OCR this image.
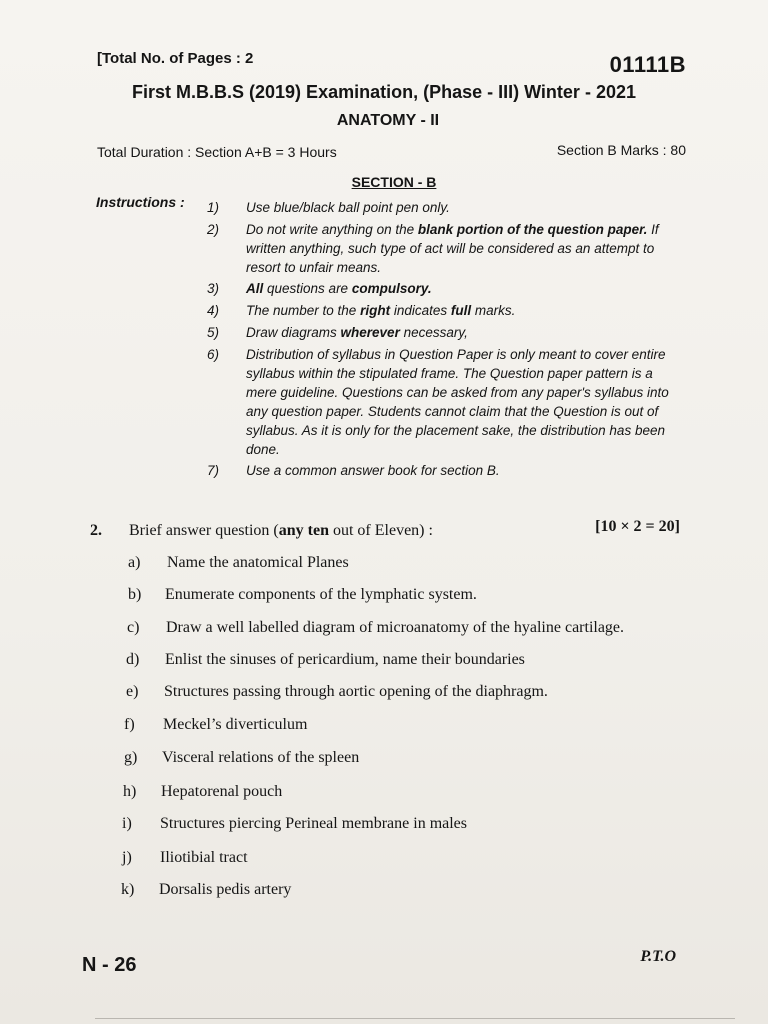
[Total No. of Pages : 2	01111B
First M.B.B.S (2019) Examination, (Phase - III) Winter - 2021
ANATOMY - II
Total Duration : Section A+B = 3 Hours	Section B Marks : 80
SECTION - B
Instructions : 1)	Use blue/black ball point pen only.
2)	Do not write anything on the blank portion of the question paper. If written anything, such type of act will be considered as an attempt to resort to unfair means.
3)	All questions are compulsory.
4)	The number to the right indicates full marks.
5)	Draw diagrams wherever necessary,
6)	Distribution of syllabus in Question Paper is only meant to cover entire syllabus within the stipulated frame. The Question paper pattern is a mere guideline. Questions can be asked from any paper's syllabus into any question paper. Students cannot claim that the Question is out of syllabus. As it is only for the placement sake, the distribution has been done.
7)	Use a common answer book for section B.
2. Brief answer question (any ten out of Eleven) :	[10 × 2 = 20]
a) Name the anatomical Planes
b) Enumerate components of the lymphatic system.
c) Draw a well labelled diagram of microanatomy of the hyaline cartilage.
d) Enlist the sinuses of pericardium, name their boundaries
e) Structures passing through aortic opening of the diaphragm.
f) Meckel’s diverticulum
g) Visceral relations of the spleen
h) Hepatorenal pouch
i) Structures piercing Perineal membrane in males
j) Iliotibial tract
k) Dorsalis pedis artery
N - 26	P.T.O
